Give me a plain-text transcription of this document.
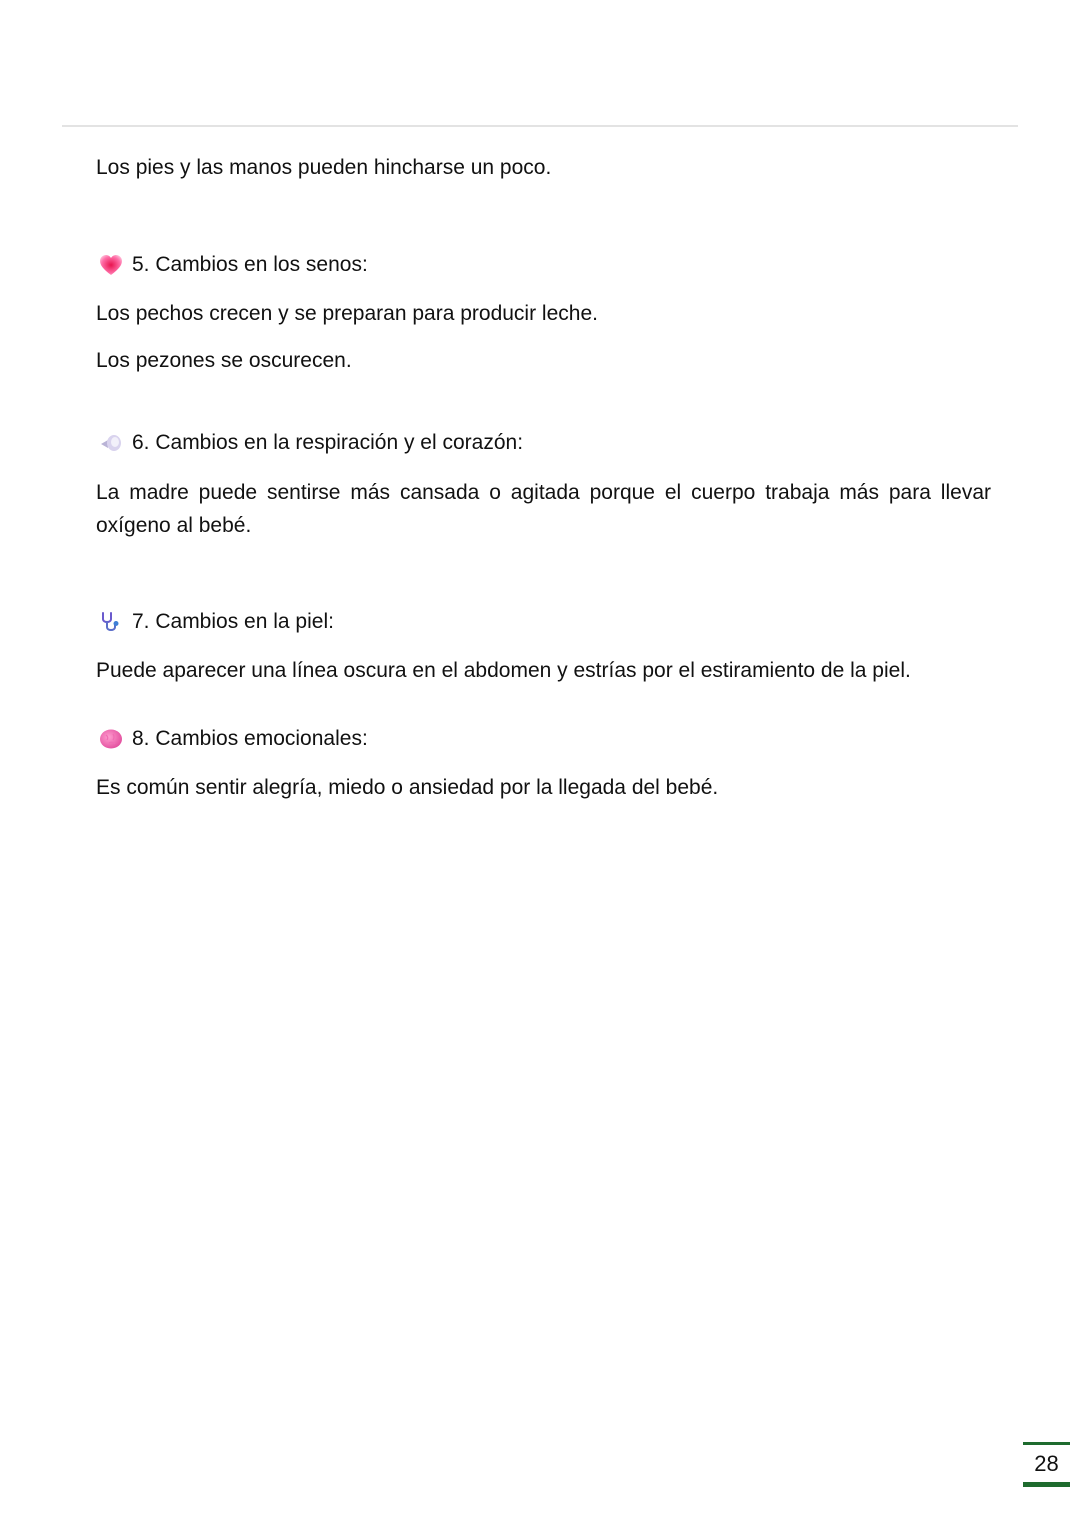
Los pies y las manos pueden hincharse un poco.

5. Cambios en los senos:

Los pechos crecen y se preparan para producir leche.

Los pezones se oscurecen.

6. Cambios en la respiración y el corazón:

La madre puede sentirse más cansada o agitada porque el cuerpo trabaja más para llevar oxígeno al bebé.

7. Cambios en la piel:

Puede aparecer una línea oscura en el abdomen y estrías por el estiramiento de la piel.

8. Cambios emocionales:

Es común sentir alegría, miedo o ansiedad por la llegada del bebé.

28
